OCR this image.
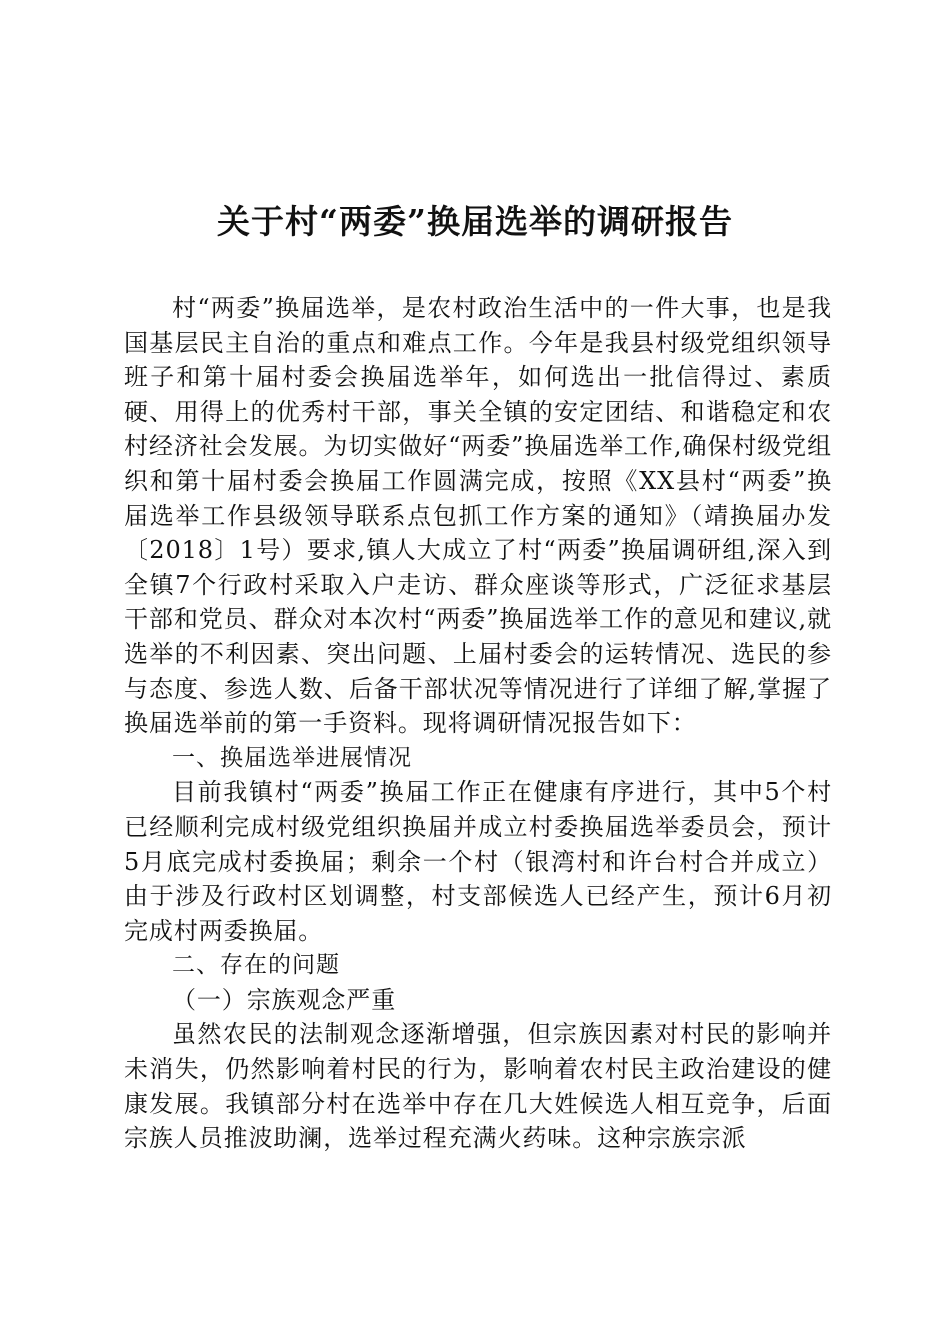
关于村“两委”换届选举的调研报告

村“两委”换届选举，是农村政治生活中的一件大事，也是我国基层民主自治的重点和难点工作。今年是我县村级党组织领导班子和第十届村委会换届选举年，如何选出一批信得过、素质硬、用得上的优秀村干部，事关全镇的安定团结、和谐稳定和农村经济社会发展。为切实做好“两委”换届选举工作,确保村级党组织和第十届村委会换届工作圆满完成，按照《XX县村“两委”换届选举工作县级领导联系点包抓工作方案的通知》（靖换届办发〔2018〕1号）要求,镇人大成立了村“两委”换届调研组,深入到全镇7个行政村采取入户走访、群众座谈等形式，广泛征求基层干部和党员、群众对本次村“两委”换届选举工作的意见和建议,就选举的不利因素、突出问题、上届村委会的运转情况、选民的参与态度、参选人数、后备干部状况等情况进行了详细了解,掌握了换届选举前的第一手资料。现将调研情况报告如下：

一、换届选举进展情况

目前我镇村“两委”换届工作正在健康有序进行，其中5个村已经顺利完成村级党组织换届并成立村委换届选举委员会，预计5月底完成村委换届；剩余一个村（银湾村和许台村合并成立）由于涉及行政村区划调整，村支部候选人已经产生，预计6月初完成村两委换届。

二、存在的问题

（一）宗族观念严重

虽然农民的法制观念逐渐增强，但宗族因素对村民的影响并未消失，仍然影响着村民的行为，影响着农村民主政治建设的健康发展。我镇部分村在选举中存在几大姓候选人相互竞争，后面宗族人员推波助澜，选举过程充满火药味。这种宗族宗派
